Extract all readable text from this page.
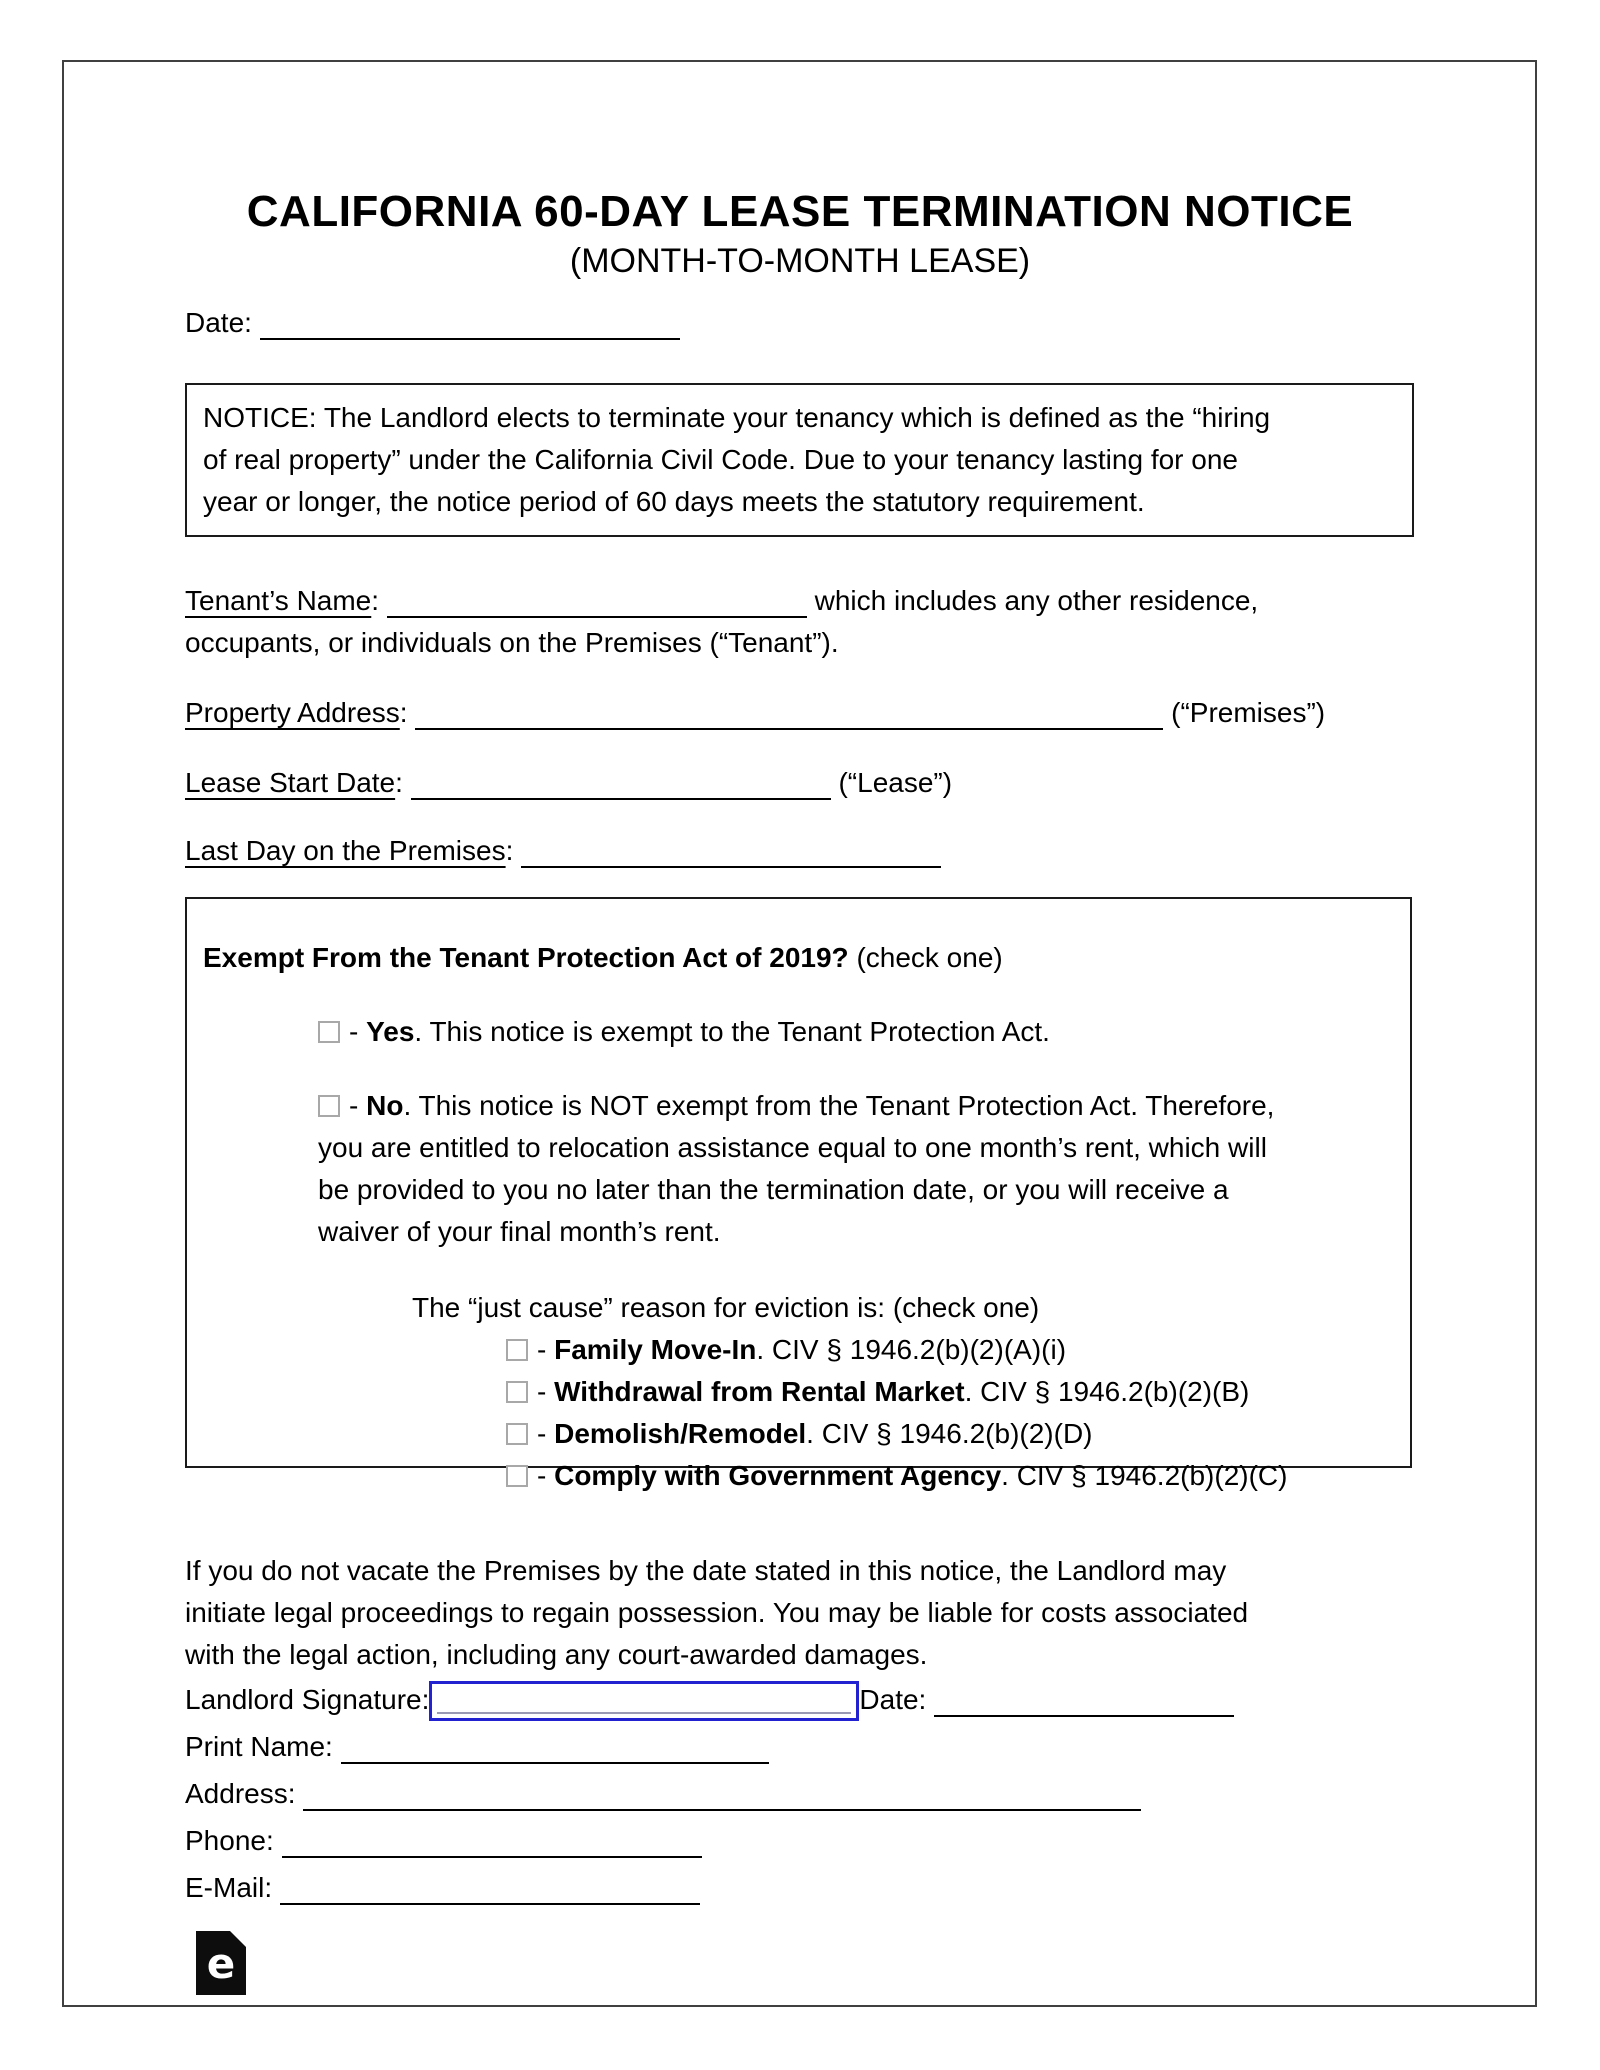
CALIFORNIA 60-DAY LEASE TERMINATION NOTICE
(MONTH-TO-MONTH LEASE)
Date:
NOTICE: The Landlord elects to terminate your tenancy which is defined as the “hiring
of real property” under the California Civil Code. Due to your tenancy lasting for one
year or longer, the notice period of 60 days meets the statutory requirement.
Tenant’s Name:	which includes any other residence,
occupants, or individuals on the Premises (“Tenant”).
Property Address:	(“Premises”)
Lease Start Date:	(“Lease”)
Last Day on the Premises:
Exempt From the Tenant Protection Act of 2019? (check one)
- Yes. This notice is exempt to the Tenant Protection Act.
- No. This notice is NOT exempt from the Tenant Protection Act. Therefore,
you are entitled to relocation assistance equal to one month’s rent, which will
be provided to you no later than the termination date, or you will receive a
waiver of your final month’s rent.
The “just cause” reason for eviction is: (check one)
- Family Move-In. CIV § 1946.2(b)(2)(A)(i)
- Withdrawal from Rental Market. CIV § 1946.2(b)(2)(B)
- Demolish/Remodel. CIV § 1946.2(b)(2)(D)
- Comply with Government Agency. CIV § 1946.2(b)(2)(C)
If you do not vacate the Premises by the date stated in this notice, the Landlord may
initiate legal proceedings to regain possession. You may be liable for costs associated
with the legal action, including any court-awarded damages.
Landlord Signature:	Date:
Print Name:
Address:
Phone:
E-Mail:
e
